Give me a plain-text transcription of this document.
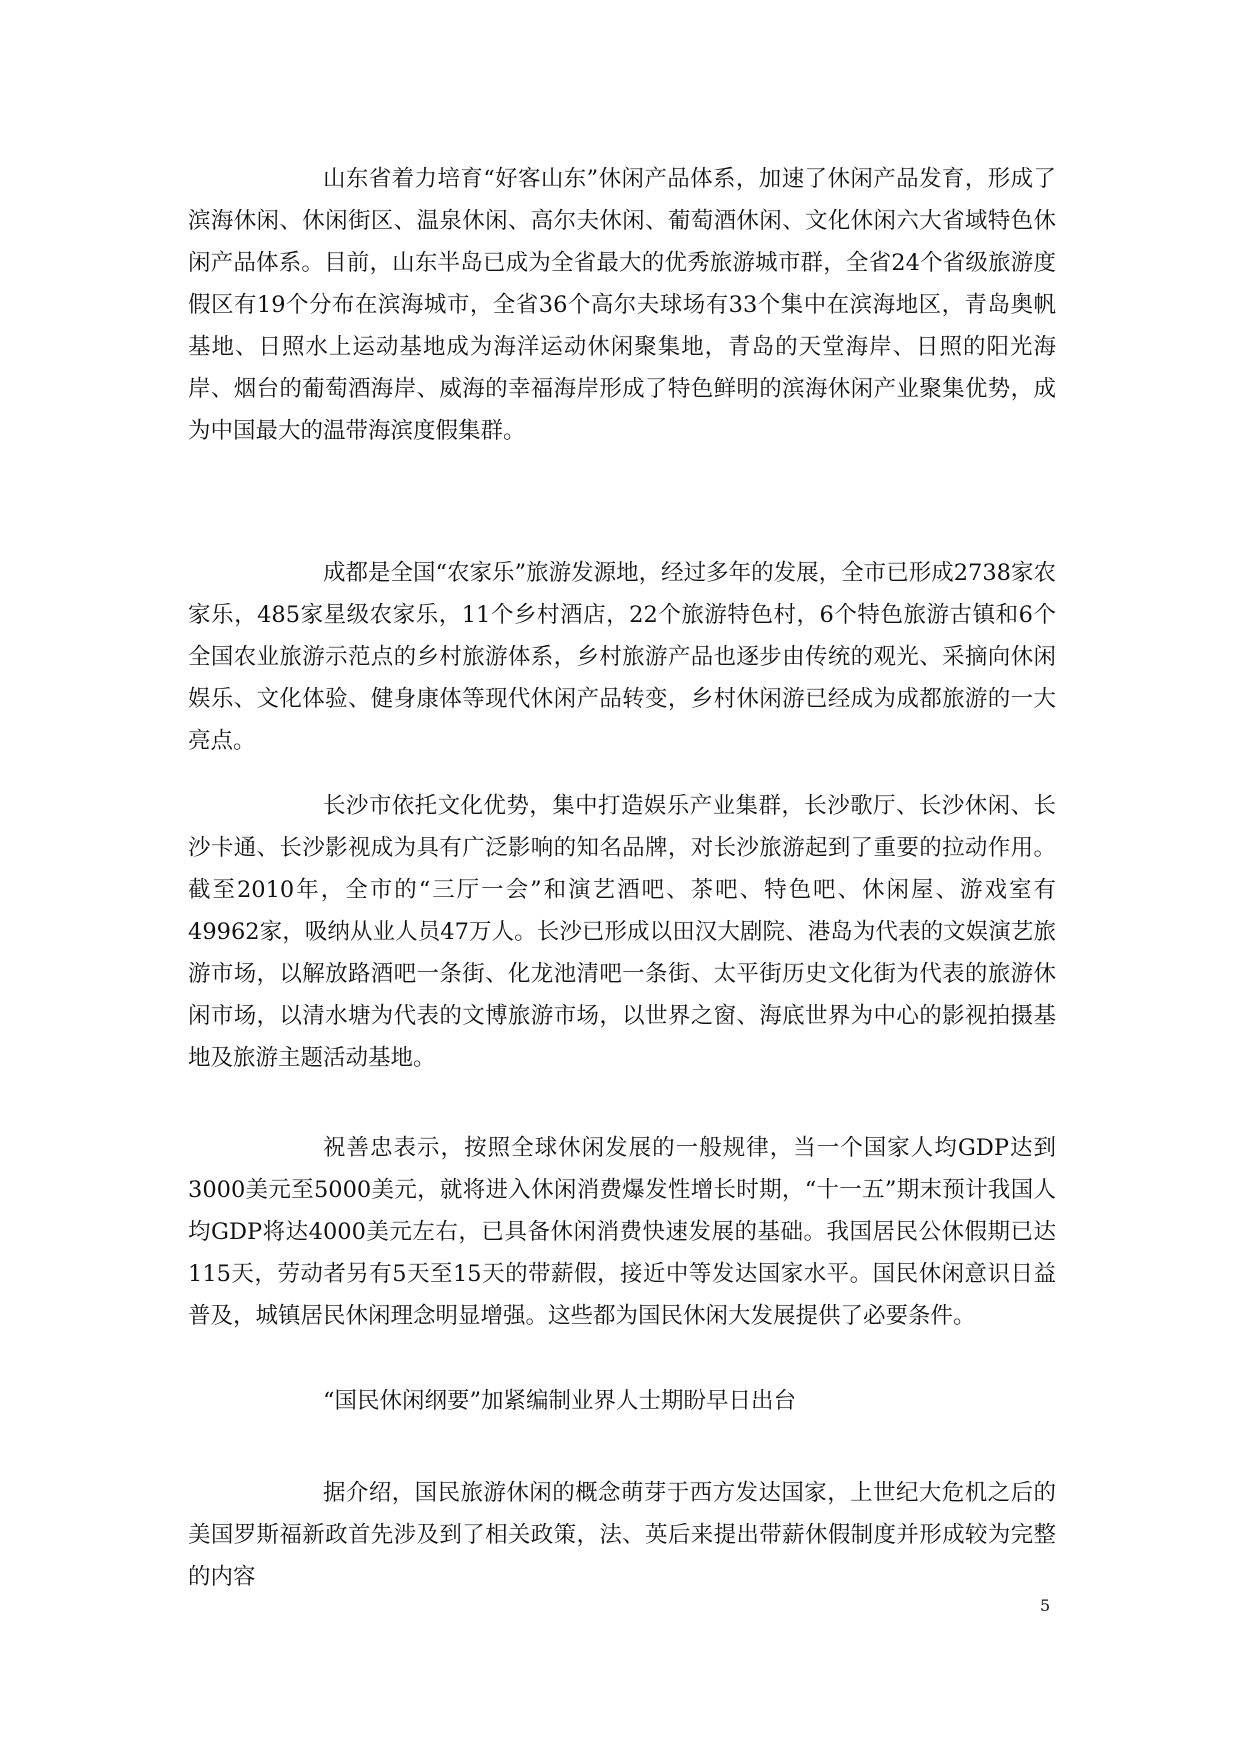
山东省着力培育“好客山东”休闲产品体系，加速了休闲产品发育，形成了滨海休闲、休闲街区、温泉休闲、高尔夫休闲、葡萄酒休闲、文化休闲六大省域特色休闲产品体系。目前，山东半岛已成为全省最大的优秀旅游城市群，全省24个省级旅游度假区有19个分布在滨海城市，全省36个高尔夫球场有33个集中在滨海地区，青岛奥帆基地、日照水上运动基地成为海洋运动休闲聚集地，青岛的天堂海岸、日照的阳光海岸、烟台的葡萄酒海岸、威海的幸福海岸形成了特色鲜明的滨海休闲产业聚集优势，成为中国最大的温带海滨度假集群。

成都是全国“农家乐”旅游发源地，经过多年的发展，全市已形成2738家农家乐，485家星级农家乐，11个乡村酒店，22个旅游特色村，6个特色旅游古镇和6个全国农业旅游示范点的乡村旅游体系，乡村旅游产品也逐步由传统的观光、采摘向休闲娱乐、文化体验、健身康体等现代休闲产品转变，乡村休闲游已经成为成都旅游的一大亮点。

长沙市依托文化优势，集中打造娱乐产业集群，长沙歌厅、长沙休闲、长沙卡通、长沙影视成为具有广泛影响的知名品牌，对长沙旅游起到了重要的拉动作用。截至2010年，全市的“三厅一会”和演艺酒吧、茶吧、特色吧、休闲屋、游戏室有49962家，吸纳从业人员47万人。长沙已形成以田汉大剧院、港岛为代表的文娱演艺旅游市场，以解放路酒吧一条街、化龙池清吧一条街、太平街历史文化街为代表的旅游休闲市场，以清水塘为代表的文博旅游市场，以世界之窗、海底世界为中心的影视拍摄基地及旅游主题活动基地。

祝善忠表示，按照全球休闲发展的一般规律，当一个国家人均GDP达到3000美元至5000美元，就将进入休闲消费爆发性增长时期，“十一五”期末预计我国人均GDP将达4000美元左右，已具备休闲消费快速发展的基础。我国居民公休假期已达115天，劳动者另有5天至15天的带薪假，接近中等发达国家水平。国民休闲意识日益普及，城镇居民休闲理念明显增强。这些都为国民休闲大发展提供了必要条件。

“国民休闲纲要”加紧编制业界人士期盼早日出台

据介绍，国民旅游休闲的概念萌芽于西方发达国家，上世纪大危机之后的美国罗斯福新政首先涉及到了相关政策，法、英后来提出带薪休假制度并形成较为完整的内容

5
